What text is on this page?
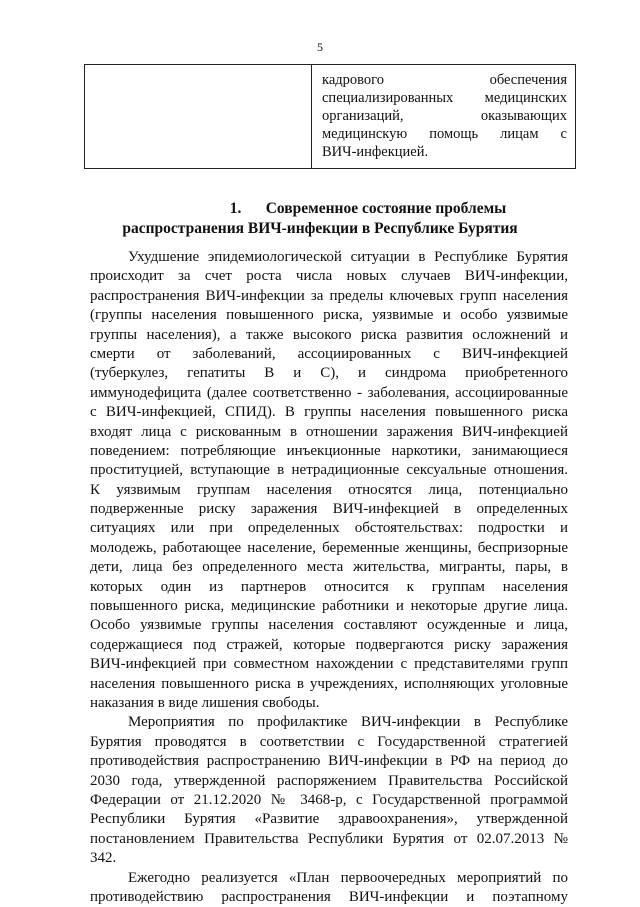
5

кадрового обеспечения
специализированных медицинских
организаций, оказывающих
медицинскую помощь лицам с
ВИЧ-инфекцией.
1. Современное состояние проблемы
распространения ВИЧ-инфекции в Республике Бурятия
Ухудшение эпидемиологической ситуации в Республике Бурятия
происходит за счет роста числа новых случаев ВИЧ-инфекции,
распространения ВИЧ-инфекции за пределы ключевых групп населения
(группы населения повышенного риска, уязвимые и особо уязвимые
группы населения), а также высокого риска развития осложнений и
смерти от заболеваний, ассоциированных с ВИЧ-инфекцией
(туберкулез, гепатиты В и С), и синдрома приобретенного
иммунодефицита (далее соответственно - заболевания, ассоциированные
с ВИЧ-инфекцией, СПИД). В группы населения повышенного риска
входят лица с рискованным в отношении заражения ВИЧ-инфекцией
поведением: потребляющие инъекционные наркотики, занимающиеся
проституцией, вступающие в нетрадиционные сексуальные отношения.
К уязвимым группам населения относятся лица, потенциально
подверженные риску заражения ВИЧ-инфекцией в определенных
ситуациях или при определенных обстоятельствах: подростки и
молодежь, работающее население, беременные женщины, беспризорные
дети, лица без определенного места жительства, мигранты, пары, в
которых один из партнеров относится к группам населения
повышенного риска, медицинские работники и некоторые другие лица.
Особо уязвимые группы населения составляют осужденные и лица,
содержащиеся под стражей, которые подвергаются риску заражения
ВИЧ-инфекцией при совместном нахождении с представителями групп
населения повышенного риска в учреждениях, исполняющих уголовные
наказания в виде лишения свободы.
Мероприятия по профилактике ВИЧ-инфекции в Республике
Бурятия проводятся в соответствии с Государственной стратегией
противодействия распространению ВИЧ-инфекции в РФ на период до
2030 года, утвержденной распоряжением Правительства Российской
Федерации от 21.12.2020 № 3468-р, с Государственной программой
Республики Бурятия «Развитие здравоохранения», утвержденной
постановлением Правительства Республики Бурятия от 02.07.2013 №
342.
Ежегодно реализуется «План первоочередных мероприятий по
противодействию распространения ВИЧ-инфекции и поэтапному
